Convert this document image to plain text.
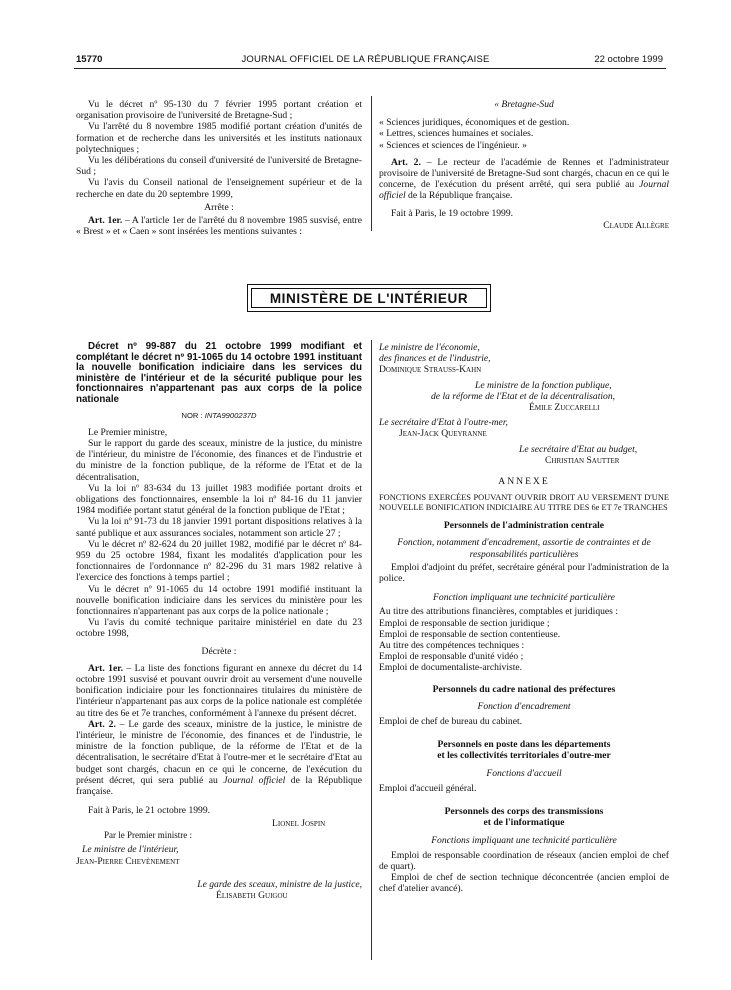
15770	JOURNAL OFFICIEL DE LA RÉPUBLIQUE FRANÇAISE	22 octobre 1999

Vu le décret nº 95-130 du 7 février 1995 portant création et organisation provisoire de l'université de Bretagne-Sud ;

Vu l'arrêté du 8 novembre 1985 modifié portant création d'unités de formation et de recherche dans les universités et les instituts nationaux polytechniques ;

Vu les délibérations du conseil d'université de l'université de Bretagne-Sud ;

Vu l'avis du Conseil national de l'enseignement supérieur et de la recherche en date du 20 septembre 1999,

Arrête :

Art. 1er. – A l'article 1er de l'arrêté du 8 novembre 1985 susvisé, entre « Brest » et « Caen » sont insérées les mentions suivantes :

« Bretagne-Sud

« Sciences juridiques, économiques et de gestion.

« Lettres, sciences humaines et sociales.

« Sciences et sciences de l'ingénieur. »

Art. 2. – Le recteur de l'académie de Rennes et l'administrateur provisoire de l'université de Bretagne-Sud sont chargés, chacun en ce qui le concerne, de l'exécution du présent arrêté, qui sera publié au Journal officiel de la République française.

Fait à Paris, le 19 octobre 1999.

Claude Allègre

MINISTÈRE DE L'INTÉRIEUR

Décret nº 99-887 du 21 octobre 1999 modifiant et complétant le décret nº 91-1065 du 14 octobre 1991 instituant la nouvelle bonification indiciaire dans les services du ministère de l'intérieur et de la sécurité publique pour les fonctionnaires n'appartenant pas aux corps de la police nationale

NOR : INTA9900237D

Le Premier ministre,

Sur le rapport du garde des sceaux, ministre de la justice, du ministre de l'intérieur, du ministre de l'économie, des finances et de l'industrie et du ministre de la fonction publique, de la réforme de l'Etat et de la décentralisation,

Vu la loi nº 83-634 du 13 juillet 1983 modifiée portant droits et obligations des fonctionnaires, ensemble la loi nº 84-16 du 11 janvier 1984 modifiée portant statut général de la fonction publique de l'Etat ;

Vu la loi nº 91-73 du 18 janvier 1991 portant dispositions relatives à la santé publique et aux assurances sociales, notamment son article 27 ;

Vu le décret nº 82-624 du 20 juillet 1982, modifié par le décret nº 84-959 du 25 octobre 1984, fixant les modalités d'application pour les fonctionnaires de l'ordonnance nº 82-296 du 31 mars 1982 relative à l'exercice des fonctions à temps partiel ;

Vu le décret nº 91-1065 du 14 octobre 1991 modifié instituant la nouvelle bonification indiciaire dans les services du ministère pour les fonctionnaires n'appartenant pas aux corps de la police nationale ;

Vu l'avis du comité technique paritaire ministériel en date du 23 octobre 1998,

Décrète :

Art. 1er. – La liste des fonctions figurant en annexe du décret du 14 octobre 1991 susvisé et pouvant ouvrir droit au versement d'une nouvelle bonification indiciaire pour les fonctionnaires titulaires du ministère de l'intérieur n'appartenant pas aux corps de la police nationale est complétée au titre des 6e et 7e tranches, conformément à l'annexe du présent décret.

Art. 2. – Le garde des sceaux, ministre de la justice, le ministre de l'intérieur, le ministre de l'économie, des finances et de l'industrie, le ministre de la fonction publique, de la réforme de l'Etat et de la décentralisation, le secrétaire d'Etat à l'outre-mer et le secrétaire d'Etat au budget sont chargés, chacun en ce qui le concerne, de l'exécution du présent décret, qui sera publié au Journal officiel de la République française.

Fait à Paris, le 21 octobre 1999.

Lionel Jospin

Par le Premier ministre :

Le ministre de l'intérieur,

Jean-Pierre Chevènement

Le garde des sceaux, ministre de la justice,

Élisabeth Guigou

Le ministre de l'économie,

des finances et de l'industrie,

Dominique Strauss-Kahn

Le ministre de la fonction publique,

de la réforme de l'Etat et de la décentralisation,

Émile Zuccarelli

Le secrétaire d'Etat à l'outre-mer,

Jean-Jack Queyranne

Le secrétaire d'Etat au budget,

Christian Sautter

ANNEXE

FONCTIONS EXERCÉES POUVANT OUVRIR DROIT AU VERSEMENT D'UNE NOUVELLE BONIFICATION INDICIAIRE AU TITRE DES 6e ET 7e TRANCHES

Personnels de l'administration centrale

Fonction, notamment d'encadrement, assortie de contraintes et de responsabilités particulières

Emploi d'adjoint du préfet, secrétaire général pour l'administration de la police.

Fonction impliquant une technicité particulière

Au titre des attributions financières, comptables et juridiques :

Emploi de responsable de section juridique ;

Emploi de responsable de section contentieuse.

Au titre des compétences techniques :

Emploi de responsable d'unité vidéo ;

Emploi de documentaliste-archiviste.

Personnels du cadre national des préfectures

Fonction d'encadrement

Emploi de chef de bureau du cabinet.

Personnels en poste dans les départements

et les collectivités territoriales d'outre-mer

Fonctions d'accueil

Emploi d'accueil général.

Personnels des corps des transmissions

et de l'informatique

Fonctions impliquant une technicité particulière

Emploi de responsable coordination de réseaux (ancien emploi de chef de quart).

Emploi de chef de section technique déconcentrée (ancien emploi de chef d'atelier avancé).
